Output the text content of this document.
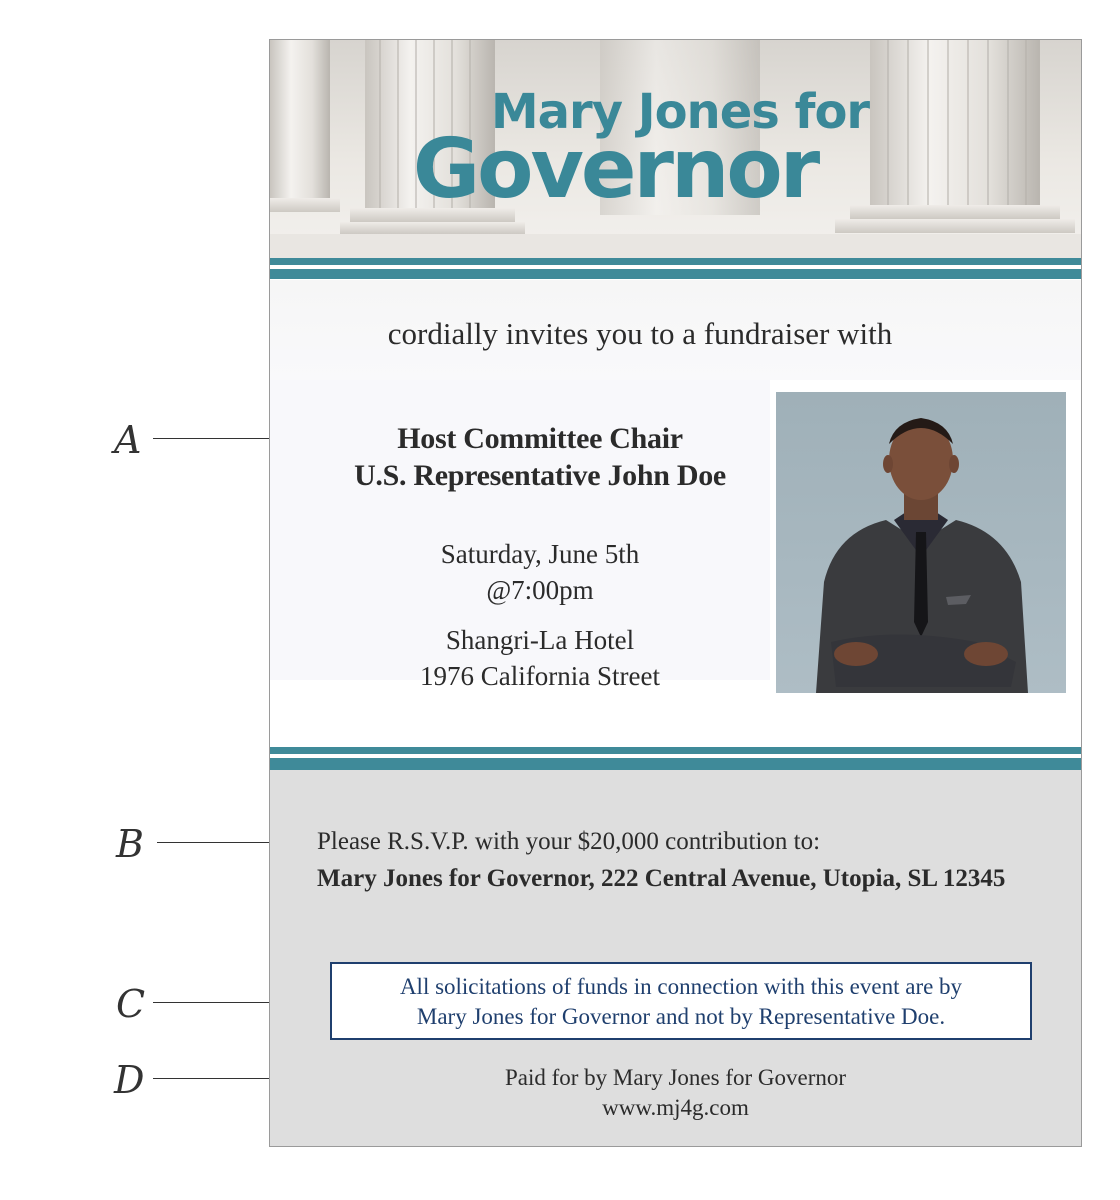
A
B
C
D
Mary Jones for
Governor
cordially invites you to a fundraiser with
Host Committee Chair
U.S. Representative John Doe
Saturday, June 5th
@7:00pm
Shangri-La Hotel
1976 California Street
Please R.S.V.P. with your $20,000 contribution to:
Mary Jones for Governor, 222 Central Avenue, Utopia, SL 12345
All solicitations of funds in connection with this event are by
Mary Jones for Governor and not by Representative Doe.
Paid for by Mary Jones for Governor
www.mj4g.com
